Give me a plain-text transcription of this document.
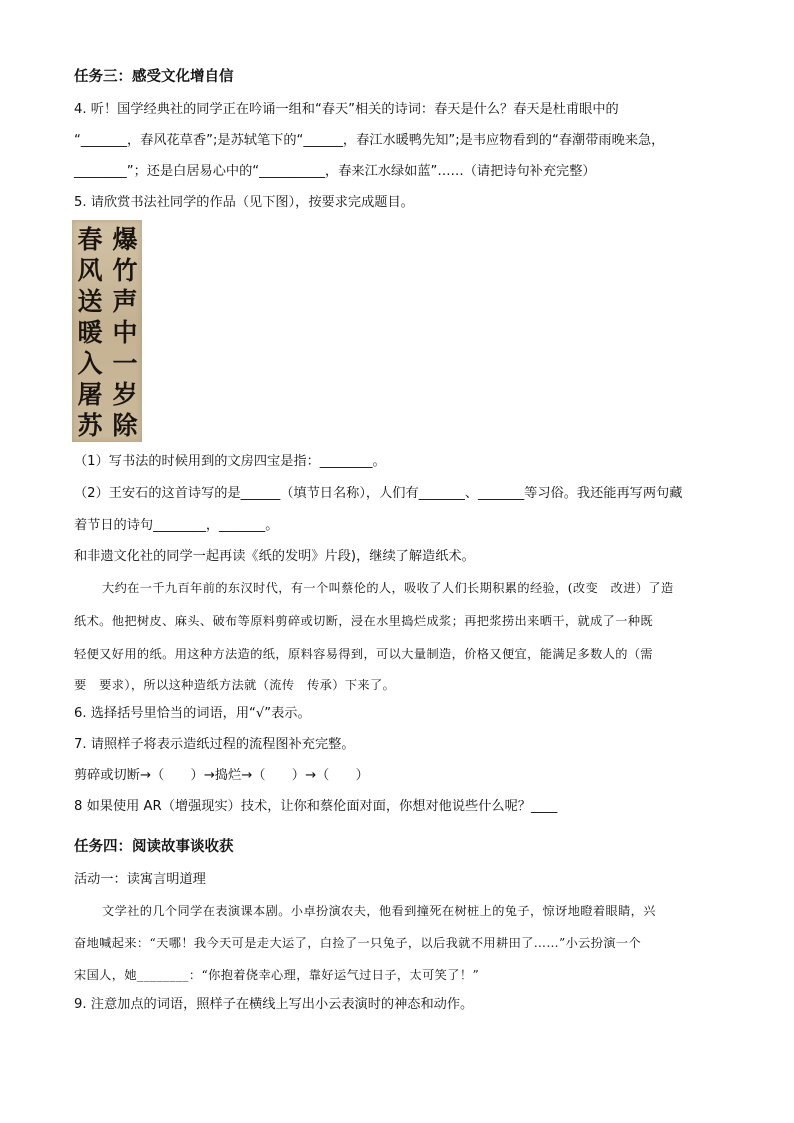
任务三：感受文化增自信
4. 听！国学经典社的同学正在吟诵一组和“春天”相关的诗词：春天是什么？春天是杜甫眼中的
“_______，春风花草香”;是苏轼笔下的“______，春江水暖鸭先知”;是韦应物看到的“春潮带雨晚来急，
________”；还是白居易心中的“__________，春来江水绿如蓝”……（请把诗句补充完整）
5. 请欣赏书法社同学的作品（见下图），按要求完成题目。
爆
竹
声
中
一
岁
除
春
风
送
暖
入
屠
苏
（1）写书法的时候用到的文房四宝是指：________。
（2）王安石的这首诗写的是______（填节日名称），人们有_______、_______等习俗。我还能再写两句藏
着节日的诗句________，_______。
和非遗文化社的同学一起再读《纸的发明》片段)，继续了解造纸术。
大约在一千九百年前的东汉时代，有一个叫蔡伦的人，吸收了人们长期积累的经验，(改变　改进）了造
纸术。他把树皮、麻头、破布等原料剪碎或切断，浸在水里捣烂成浆；再把浆捞出来晒干，就成了一种既
轻便又好用的纸。用这种方法造的纸，原料容易得到，可以大量制造，价格又便宜，能满足多数人的（需
要　要求），所以这种造纸方法就（流传　传承）下来了。
6. 选择括号里恰当的词语，用“√”表示。
7. 请照样子将表示造纸过程的流程图补充完整。
剪碎或切断→（　　）→捣烂→（　　）→（　　）
8 如果使用 AR（增强现实）技术，让你和蔡伦面对面，你想对他说些什么呢？____
任务四：阅读故事谈收获
活动一：读寓言明道理
文学社的几个同学在表演课本剧。小卓扮演农夫，他看到撞死在树桩上的兔子，惊讶地瞪着眼睛，兴
奋地喊起来：“天哪！我今天可是走大运了，白捡了一只兔子，以后我就不用耕田了……”小云扮演一个
宋国人，她________：“你抱着侥幸心理，靠好运气过日子，太可笑了！”
9. 注意加点的词语，照样子在横线上写出小云表演时的神态和动作。
